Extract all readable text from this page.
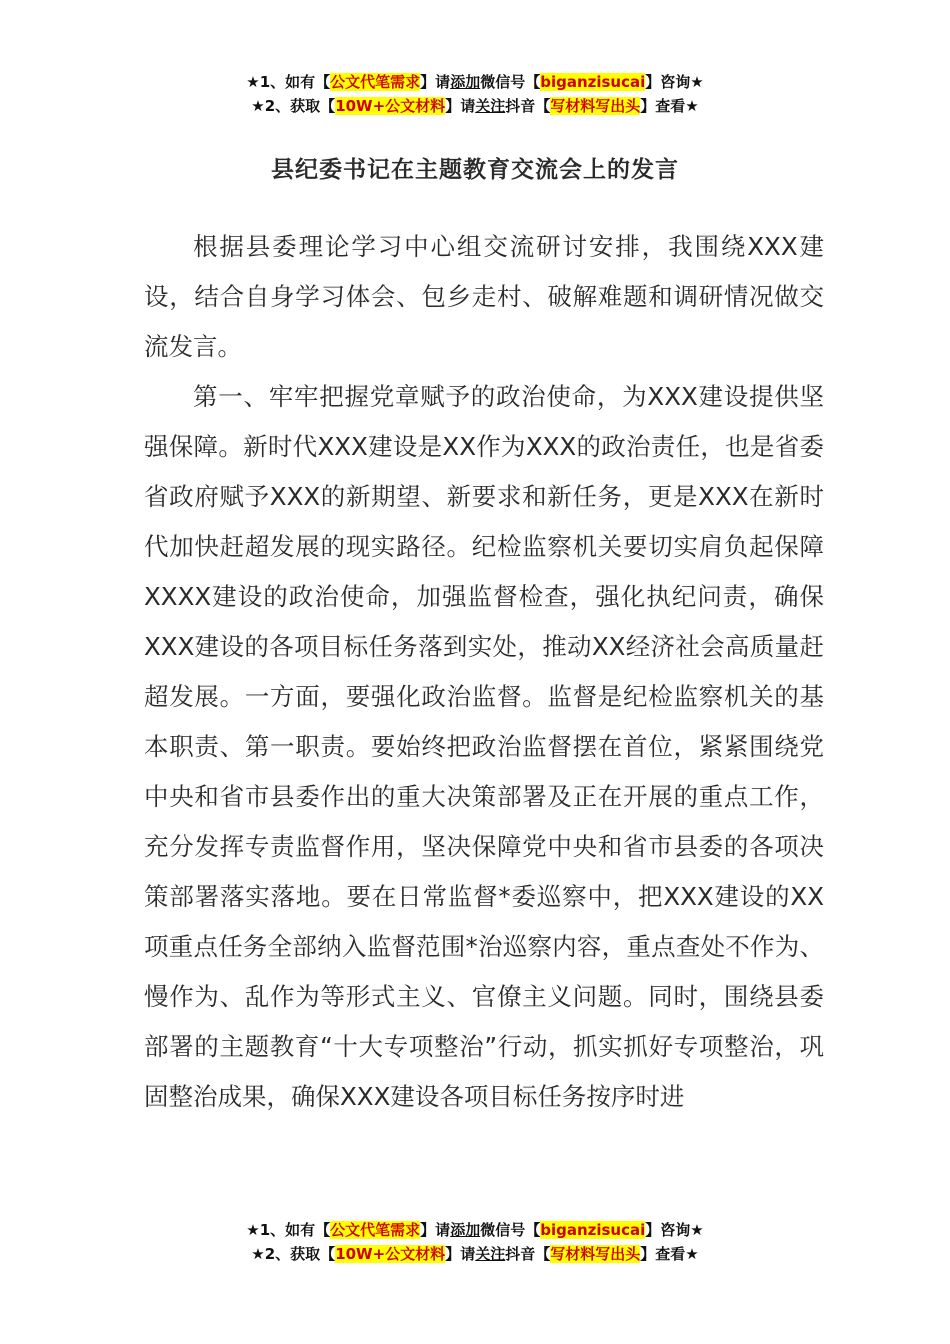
★1、如有【公文代笔需求】请添加微信号【biganzisucai】咨询★
★2、获取【10W+公文材料】请关注抖音【写材料写出头】查看★
县纪委书记在主题教育交流会上的发言

根据县委理论学习中心组交流研讨安排，我围绕XXX建设，结合自身学习体会、包乡走村、破解难题和调研情况做交流发言。

第一、牢牢把握党章赋予的政治使命，为XXX建设提供坚强保障。新时代XXX建设是XX作为XXX的政治责任，也是省委省政府赋予XXX的新期望、新要求和新任务，更是XXX在新时代加快赶超发展的现实路径。纪检监察机关要切实肩负起保障XXXX建设的政治使命，加强监督检查，强化执纪问责，确保XXX建设的各项目标任务落到实处，推动XX经济社会高质量赶超发展。一方面，要强化政治监督。监督是纪检监察机关的基本职责、第一职责。要始终把政治监督摆在首位，紧紧围绕党中央和省市县委作出的重大决策部署及正在开展的重点工作，充分发挥专责监督作用，坚决保障党中央和省市县委的各项决策部署落实落地。要在日常监督*委巡察中，把XXX建设的XX项重点任务全部纳入监督范围*治巡察内容，重点查处不作为、慢作为、乱作为等形式主义、官僚主义问题。同时，围绕县委部署的主题教育“十大专项整治”行动，抓实抓好专项整治，巩固整治成果，确保XXX建设各项目标任务按序时进

★1、如有【公文代笔需求】请添加微信号【biganzisucai】咨询★
★2、获取【10W+公文材料】请关注抖音【写材料写出头】查看★
